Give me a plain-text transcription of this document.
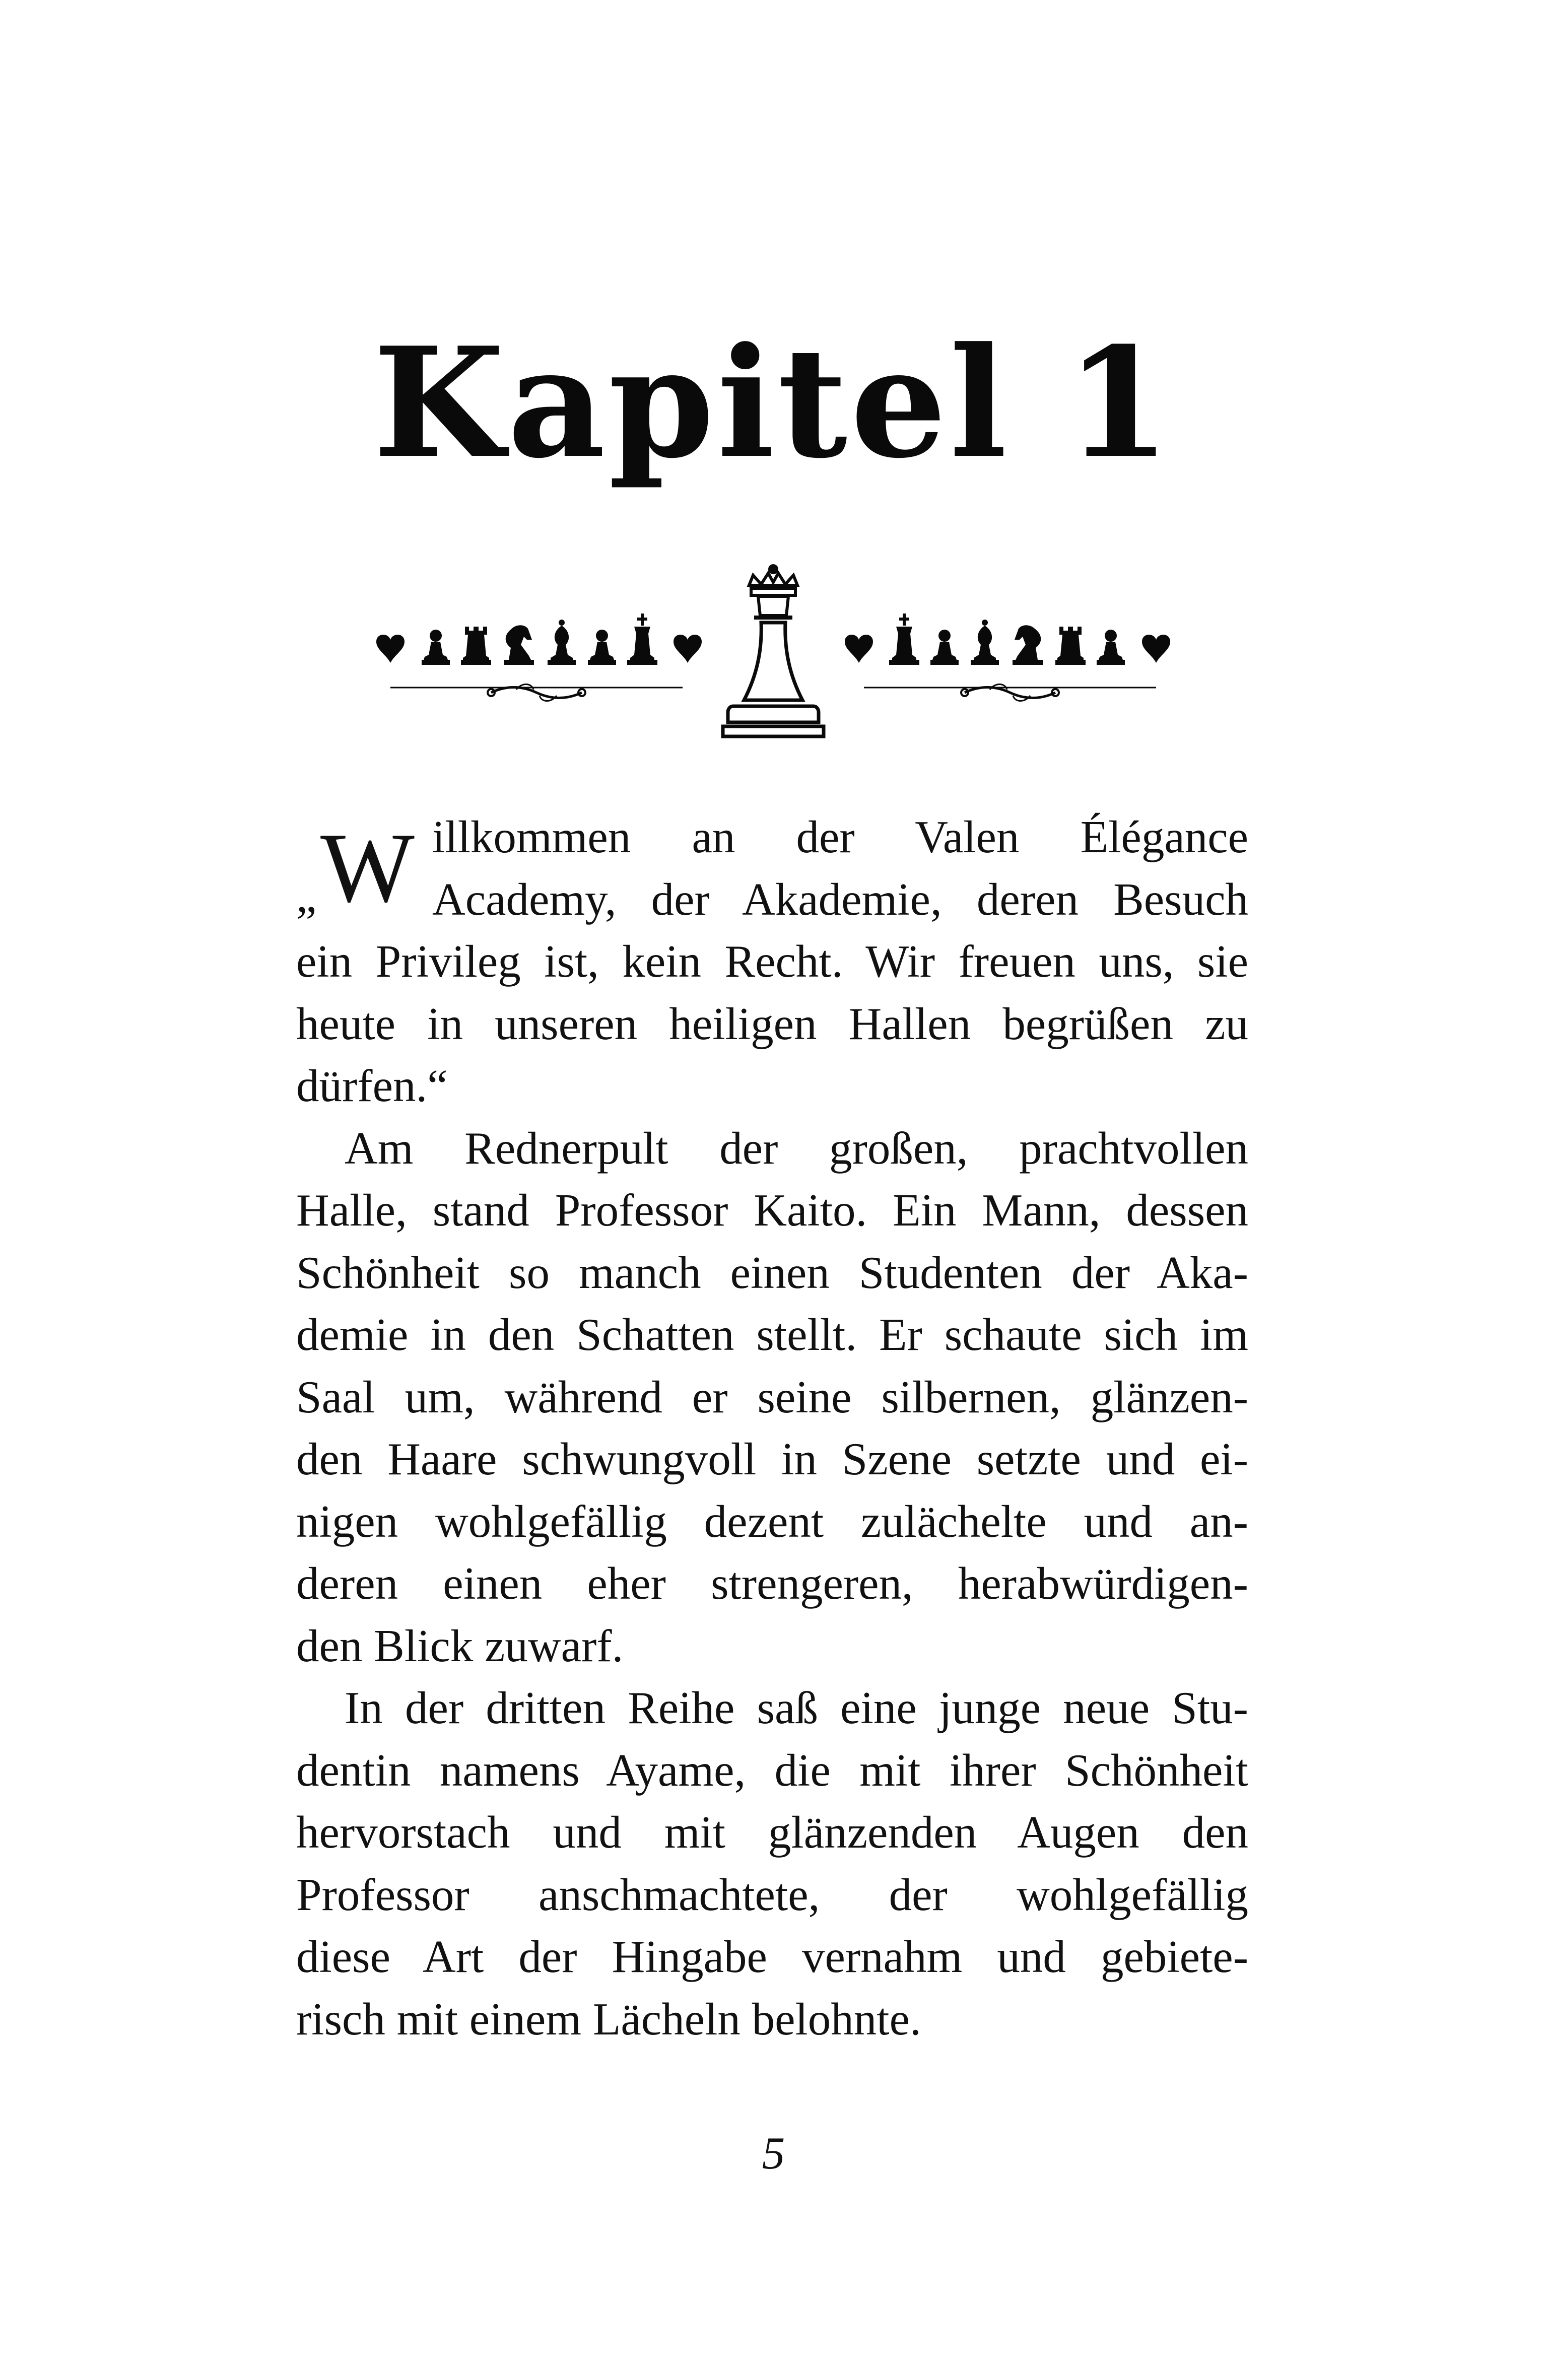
Kapitel 1
„ W illkommen an der Valen Élégance
Academy, der Akademie, deren Besuch
ein Privileg ist, kein Recht. Wir freuen uns, sie
heute in unseren heiligen Hallen begrüßen zu
dürfen.“
Am Rednerpult der großen, prachtvollen
Halle, stand Professor Kaito. Ein Mann, dessen
Schönheit so manch einen Studenten der Aka-
demie in den Schatten stellt. Er schaute sich im
Saal um, während er seine silbernen, glänzen-
den Haare schwungvoll in Szene setzte und ei-
nigen wohlgefällig dezent zulächelte und an-
deren einen eher strengeren, herabwürdigen-
den Blick zuwarf.
In der dritten Reihe saß eine junge neue Stu-
dentin namens Ayame, die mit ihrer Schönheit
hervorstach und mit glänzenden Augen den
Professor anschmachtete, der wohlgefällig
diese Art der Hingabe vernahm und gebiete-
risch mit einem Lächeln belohnte.
5
